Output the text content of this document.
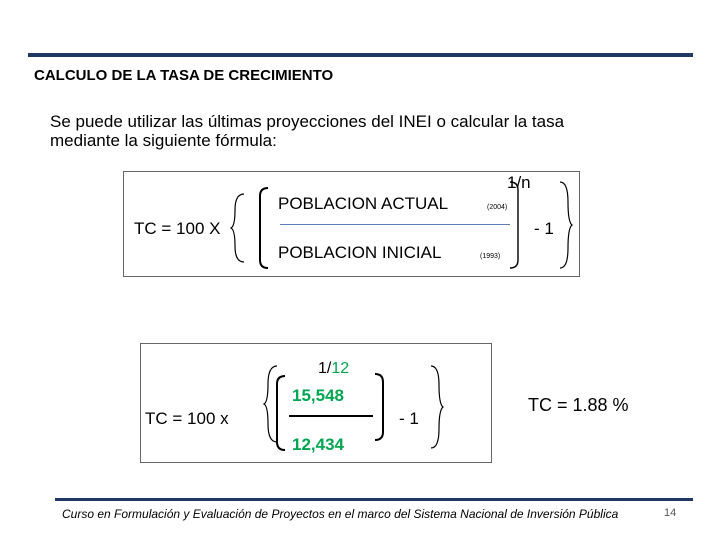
CALCULO DE LA TASA DE CRECIMIENTO
Se puede utilizar las últimas proyecciones del INEI o calcular la tasa mediante la siguiente fórmula:
1/n
TC = 100 X
POBLACION ACTUAL	(2004)
POBLACION INICIAL	(1993)
- 1
1/12
TC = 100 x
15,548
12,434
- 1
TC = 1.88 %
Curso en Formulación y Evaluación de Proyectos en el marco del Sistema Nacional de Inversión Pública	14
